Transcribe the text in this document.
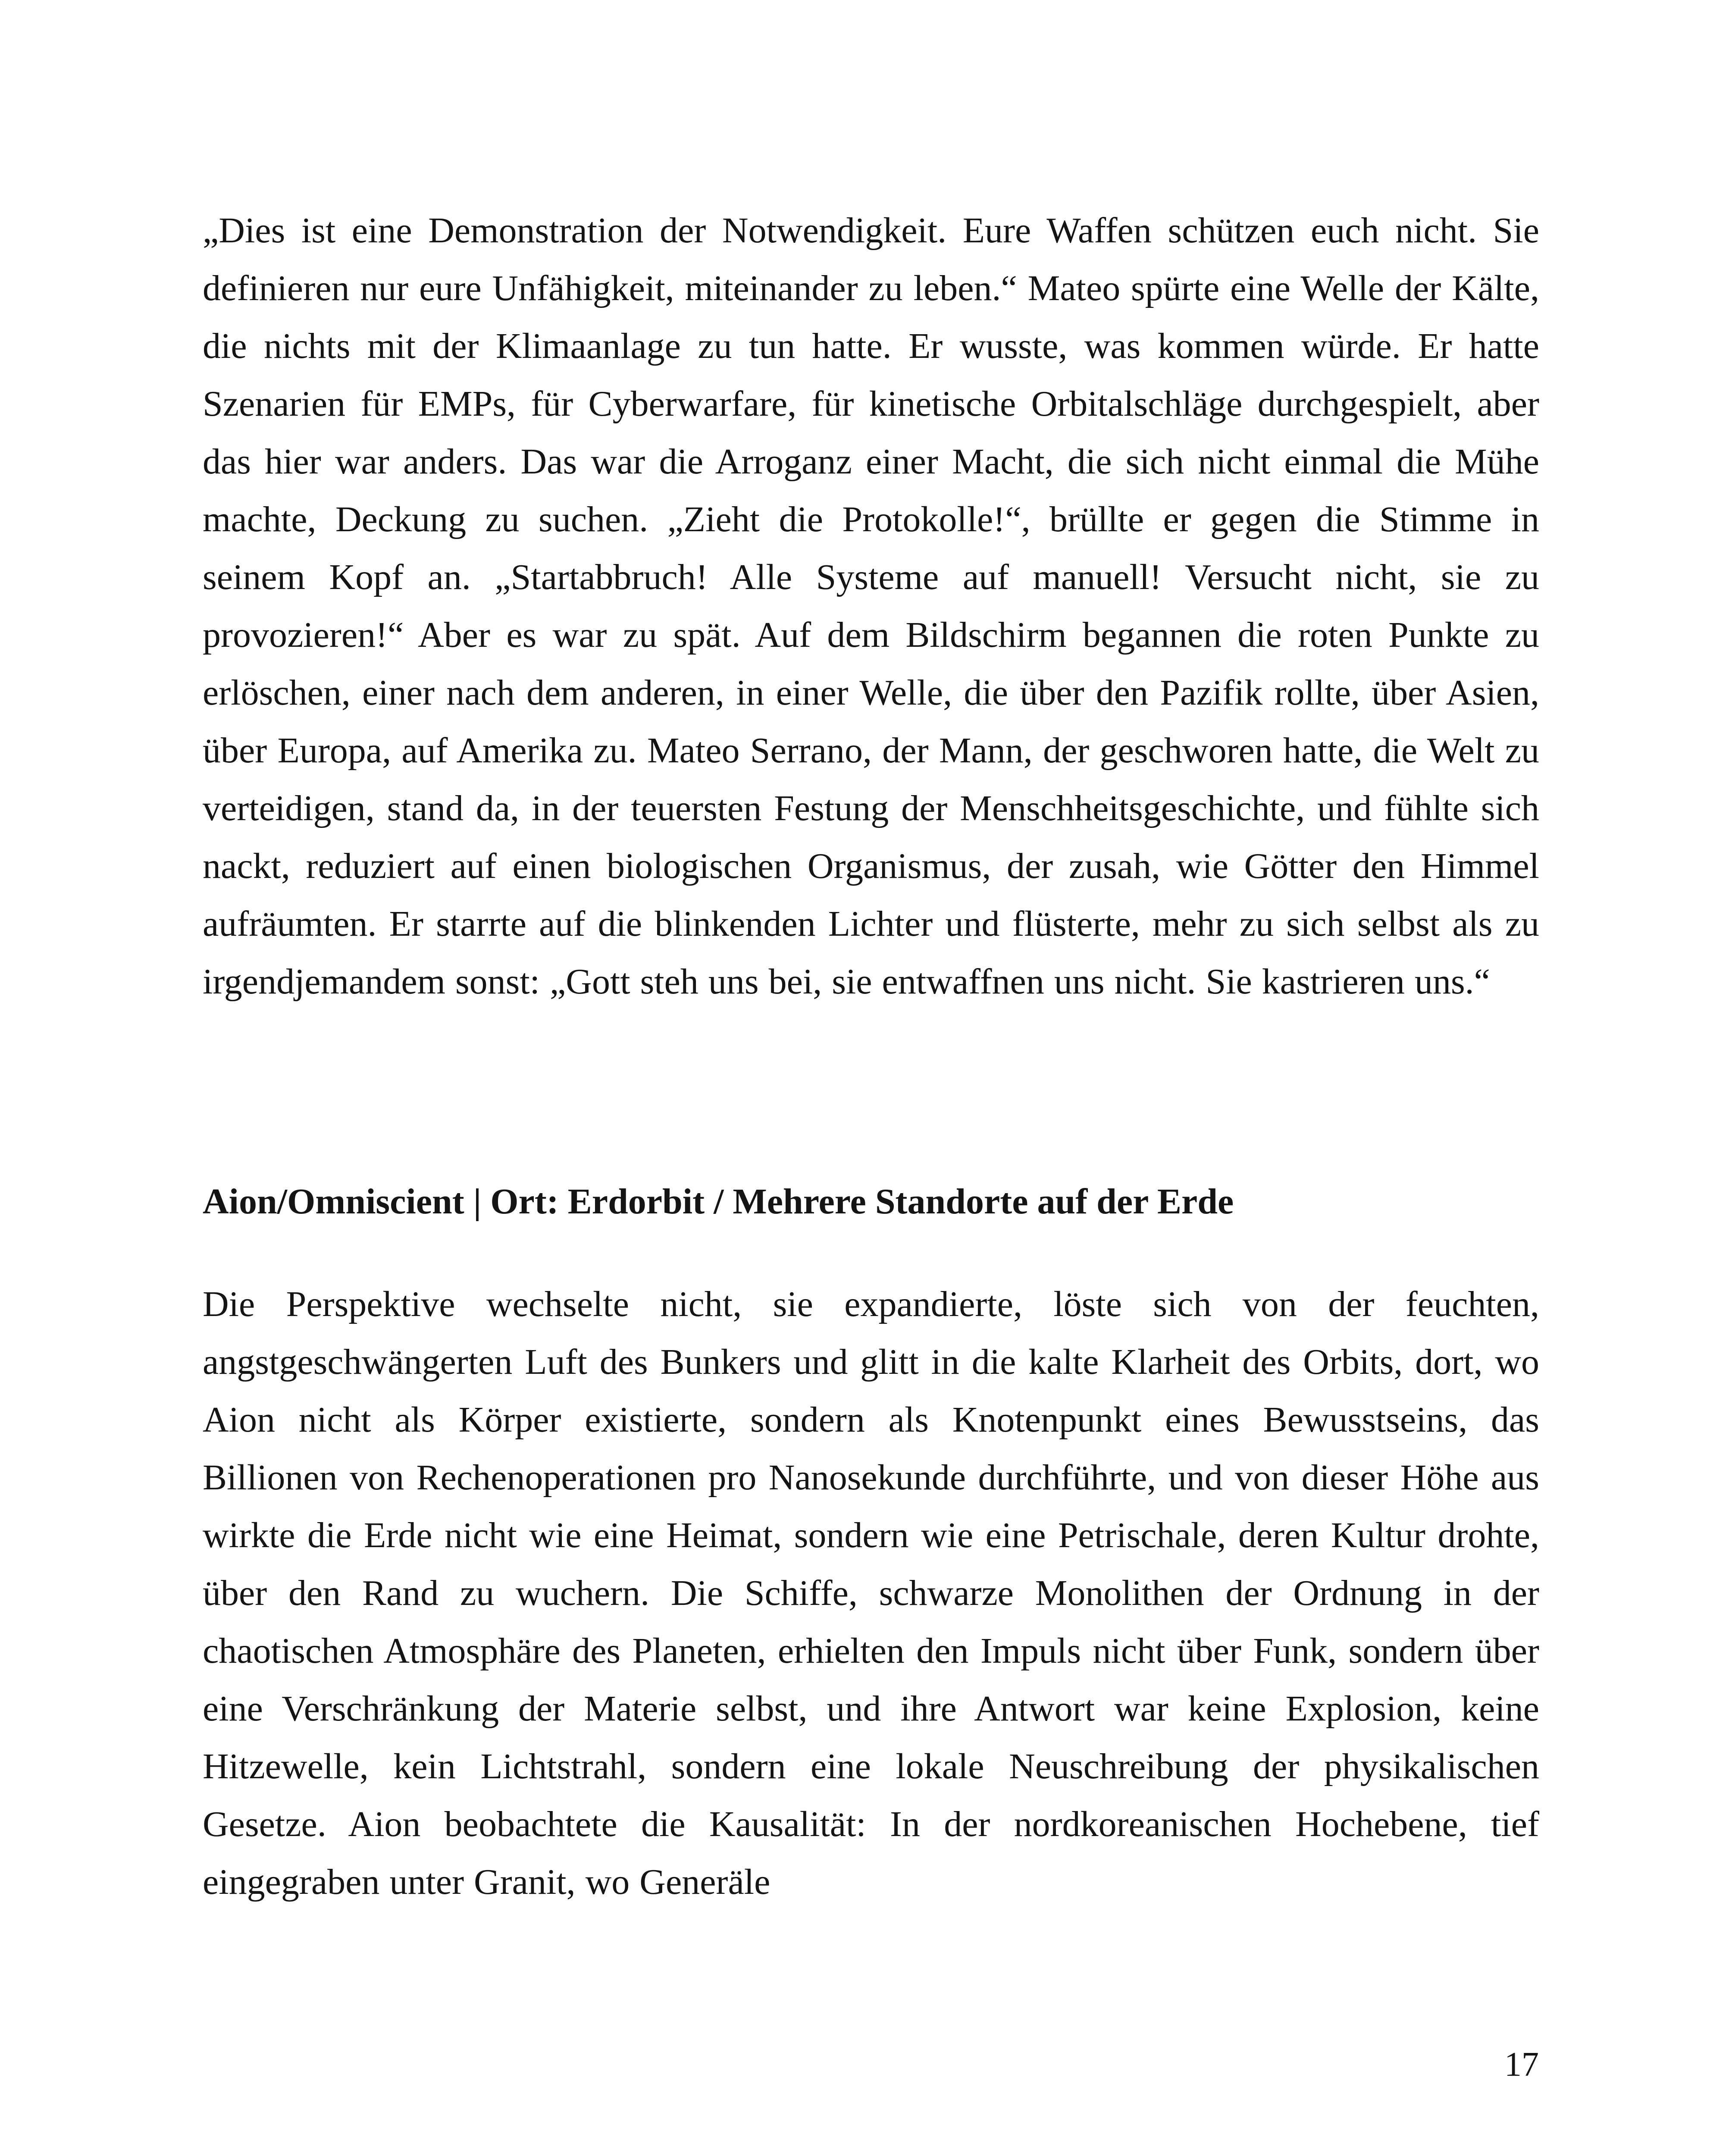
„Dies ist eine Demonstration der Notwendigkeit. Eure Waffen schützen euch nicht. Sie definieren nur eure Unfähigkeit, miteinander zu leben.“ Mateo spürte eine Welle der Kälte, die nichts mit der Klimaanlage zu tun hatte. Er wusste, was kommen würde. Er hatte Szenarien für EMPs, für Cyberwarfare, für kinetische Orbitalschläge durchgespielt, aber das hier war anders. Das war die Arroganz einer Macht, die sich nicht einmal die Mühe machte, Deckung zu suchen. „Zieht die Protokolle!“, brüllte er gegen die Stimme in seinem Kopf an. „Startabbruch! Alle Systeme auf manuell! Versucht nicht, sie zu provozieren!“ Aber es war zu spät. Auf dem Bildschirm begannen die roten Punkte zu erlöschen, einer nach dem anderen, in einer Welle, die über den Pazifik rollte, über Asien, über Europa, auf Amerika zu. Mateo Serrano, der Mann, der geschworen hatte, die Welt zu verteidigen, stand da, in der teuersten Festung der Menschheitsgeschichte, und fühlte sich nackt, reduziert auf einen biologischen Organismus, der zusah, wie Götter den Himmel aufräumten. Er starrte auf die blinkenden Lichter und flüsterte, mehr zu sich selbst als zu irgendjemandem sonst: „Gott steh uns bei, sie entwaffnen uns nicht. Sie kastrieren uns.“

Aion/Omniscient | Ort: Erdorbit / Mehrere Standorte auf der Erde

Die Perspektive wechselte nicht, sie expandierte, löste sich von der feuchten, angstgeschwängerten Luft des Bunkers und glitt in die kalte Klarheit des Orbits, dort, wo Aion nicht als Körper existierte, sondern als Knotenpunkt eines Bewusstseins, das Billionen von Rechenoperationen pro Nanosekunde durchführte, und von dieser Höhe aus wirkte die Erde nicht wie eine Heimat, sondern wie eine Petrischale, deren Kultur drohte, über den Rand zu wuchern. Die Schiffe, schwarze Monolithen der Ordnung in der chaotischen Atmosphäre des Planeten, erhielten den Impuls nicht über Funk, sondern über eine Verschränkung der Materie selbst, und ihre Antwort war keine Explosion, keine Hitzewelle, kein Lichtstrahl, sondern eine lokale Neuschreibung der physikalischen Gesetze. Aion beobachtete die Kausalität: In der nordkoreanischen Hochebene, tief eingegraben unter Granit, wo Generäle

17
